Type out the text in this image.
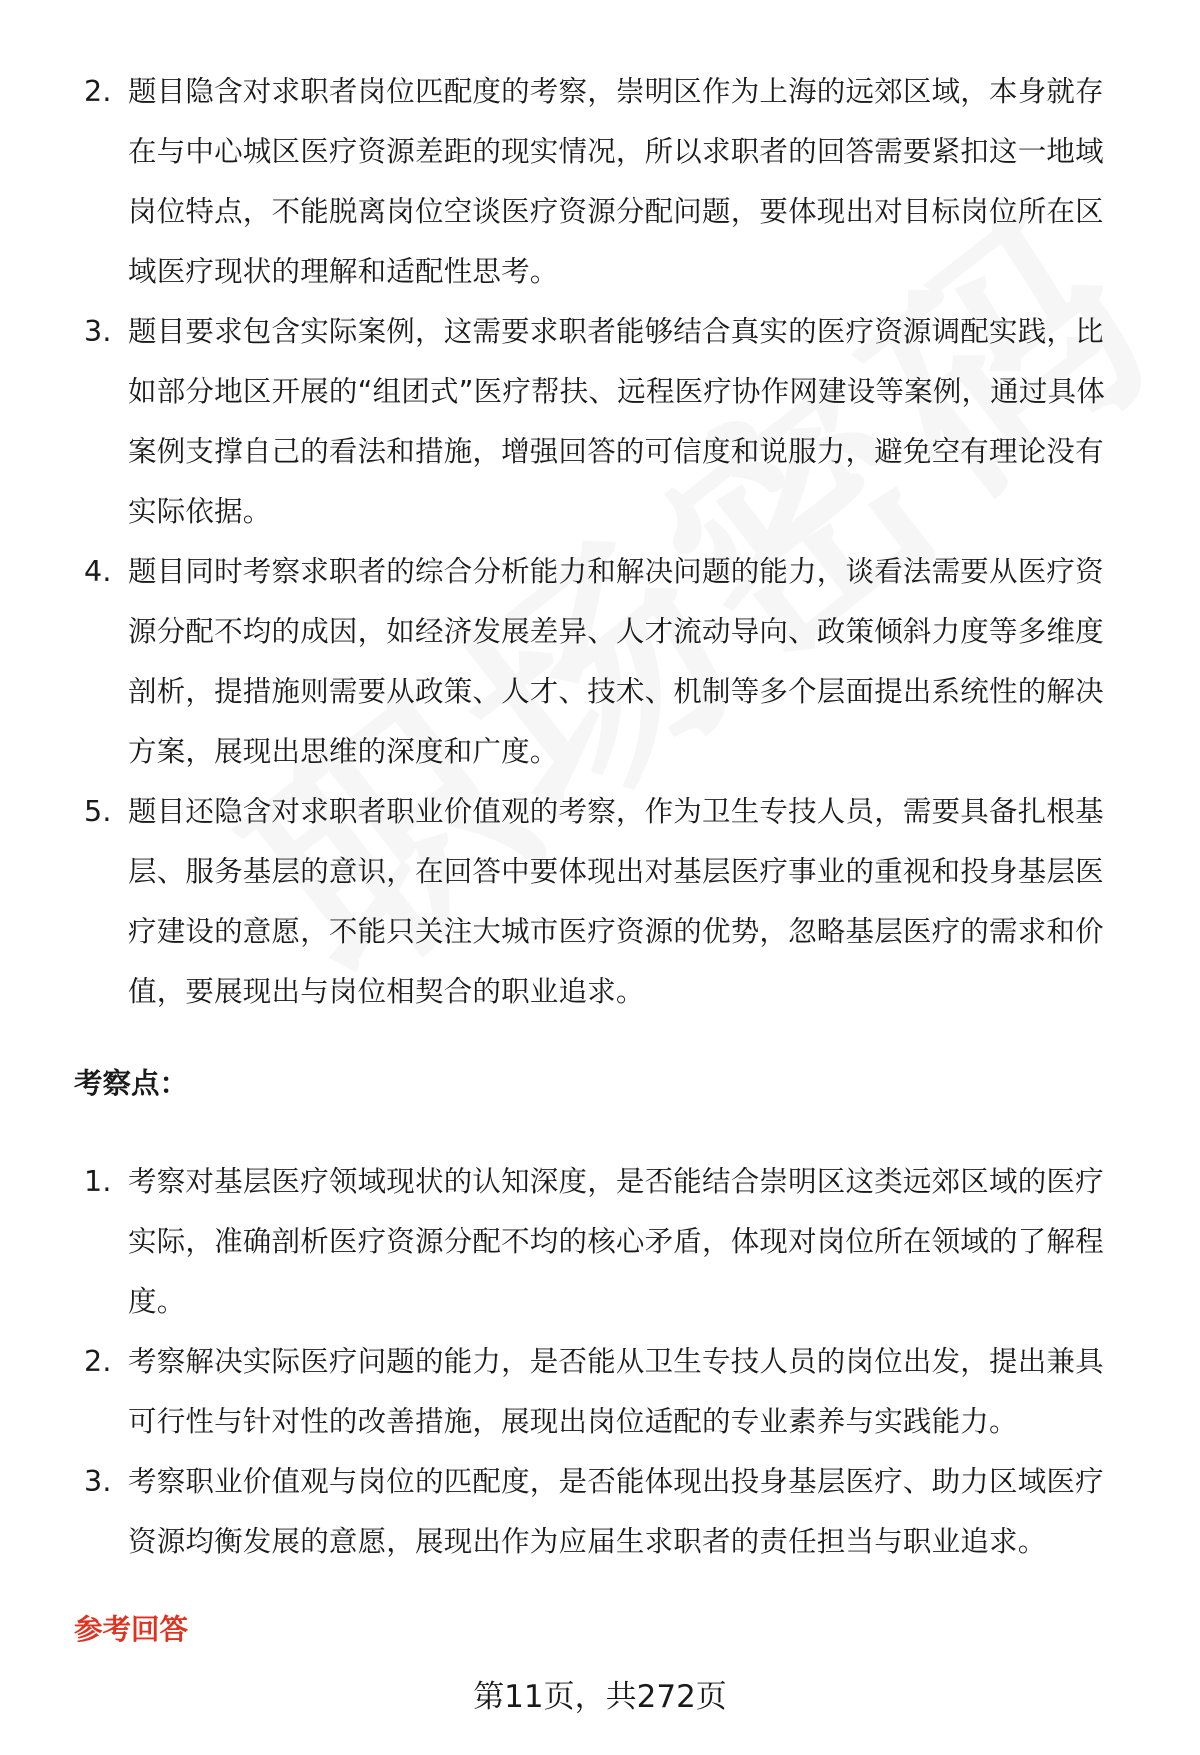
2. 题目隐含对求职者岗位匹配度的考察，崇明区作为上海的远郊区域，本身就存在与中心城区医疗资源差距的现实情况，所以求职者的回答需要紧扣这一地域岗位特点，不能脱离岗位空谈医疗资源分配问题，要体现出对目标岗位所在区域医疗现状的理解和适配性思考。
3. 题目要求包含实际案例，这需要求职者能够结合真实的医疗资源调配实践，比如部分地区开展的“组团式”医疗帮扶、远程医疗协作网建设等案例，通过具体案例支撑自己的看法和措施，增强回答的可信度和说服力，避免空有理论没有实际依据。
4. 题目同时考察求职者的综合分析能力和解决问题的能力，谈看法需要从医疗资源分配不均的成因，如经济发展差异、人才流动导向、政策倾斜力度等多维度剖析，提措施则需要从政策、人才、技术、机制等多个层面提出系统性的解决方案，展现出思维的深度和广度。
5. 题目还隐含对求职者职业价值观的考察，作为卫生专技人员，需要具备扎根基层、服务基层的意识，在回答中要体现出对基层医疗事业的重视和投身基层医疗建设的意愿，不能只关注大城市医疗资源的优势，忽略基层医疗的需求和价值，要展现出与岗位相契合的职业追求。
考察点：
1. 考察对基层医疗领域现状的认知深度，是否能结合崇明区这类远郊区域的医疗实际，准确剖析医疗资源分配不均的核心矛盾，体现对岗位所在领域的了解程度。
2. 考察解决实际医疗问题的能力，是否能从卫生专技人员的岗位出发，提出兼具可行性与针对性的改善措施，展现出岗位适配的专业素养与实践能力。
3. 考察职业价值观与岗位的匹配度，是否能体现出投身基层医疗、助力区域医疗资源均衡发展的意愿，展现出作为应届生求职者的责任担当与职业追求。
参考回答
第11页，共272页
